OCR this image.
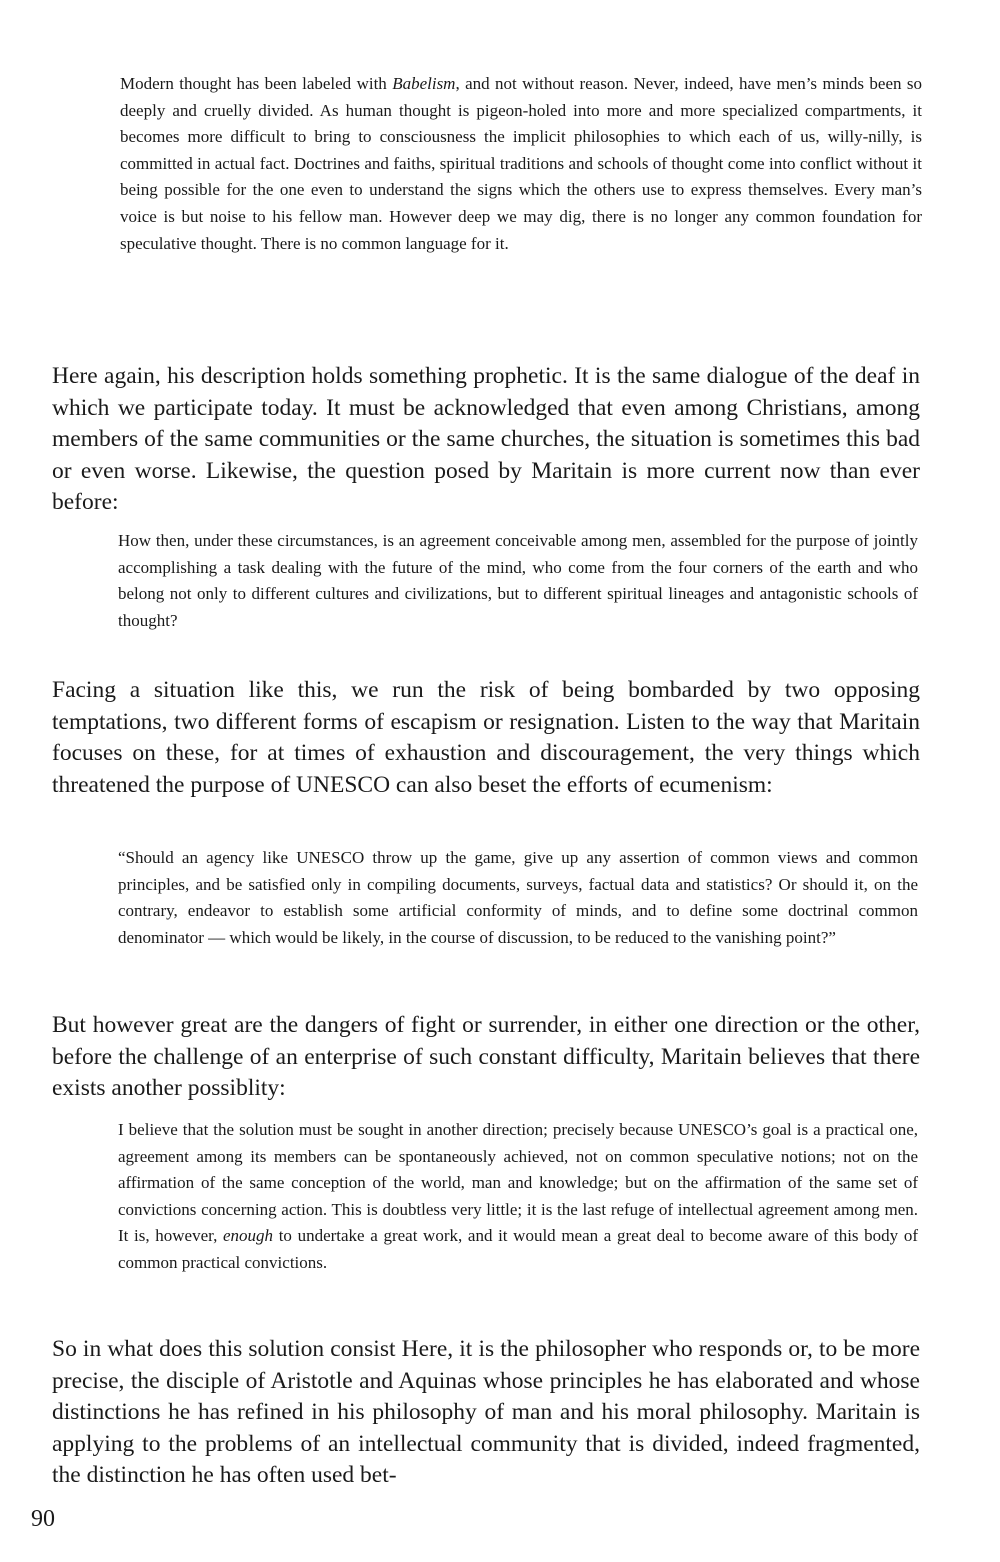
Modern thought has been labeled with Babelism, and not without reason. Never, indeed, have men’s minds been so deeply and cruelly divided. As human thought is pigeon-holed into more and more specialized compartments, it becomes more difficult to bring to consciousness the implicit philosophies to which each of us, willy-nilly, is committed in actual fact. Doctrines and faiths, spiritual traditions and schools of thought come into conflict without it being possible for the one even to understand the signs which the others use to express themselves. Every man’s voice is but noise to his fellow man. However deep we may dig, there is no longer any common foundation for speculative thought. There is no common language for it.
Here again, his description holds something prophetic. It is the same dialogue of the deaf in which we participate today. It must be acknowledged that even among Christians, among members of the same communities or the same churches, the situation is sometimes this bad or even worse. Likewise, the question posed by Maritain is more current now than ever before:
How then, under these circumstances, is an agreement conceivable among men, assembled for the purpose of jointly accomplishing a task dealing with the future of the mind, who come from the four corners of the earth and who belong not only to different cultures and civilizations, but to different spiritual lineages and antagonistic schools of thought?
Facing a situation like this, we run the risk of being bombarded by two opposing temptations, two different forms of escapism or resignation. Listen to the way that Maritain focuses on these, for at times of exhaustion and discouragement, the very things which threatened the purpose of UNESCO can also beset the efforts of ecumenism:
“Should an agency like UNESCO throw up the game, give up any assertion of common views and common principles, and be satisfied only in compiling documents, surveys, factual data and statistics? Or should it, on the contrary, endeavor to establish some artificial conformity of minds, and to define some doctrinal common denominator — which would be likely, in the course of discussion, to be reduced to the vanishing point?”
But however great are the dangers of fight or surrender, in either one direction or the other, before the challenge of an enterprise of such constant difficulty, Maritain believes that there exists another possiblity:
I believe that the solution must be sought in another direction; precisely because UNESCO’s goal is a practical one, agreement among its members can be spontaneously achieved, not on common speculative notions; not on the affirmation of the same conception of the world, man and knowledge; but on the affirmation of the same set of convictions concerning action. This is doubtless very little; it is the last refuge of intellectual agreement among men. It is, however, enough to undertake a great work, and it would mean a great deal to become aware of this body of common practical convictions.
So in what does this solution consist Here, it is the philosopher who responds or, to be more precise, the disciple of Aristotle and Aquinas whose principles he has elaborated and whose distinctions he has refined in his philosophy of man and his moral philosophy. Maritain is applying to the problems of an intellectual community that is divided, indeed fragmented, the distinction he has often used bet-
90
